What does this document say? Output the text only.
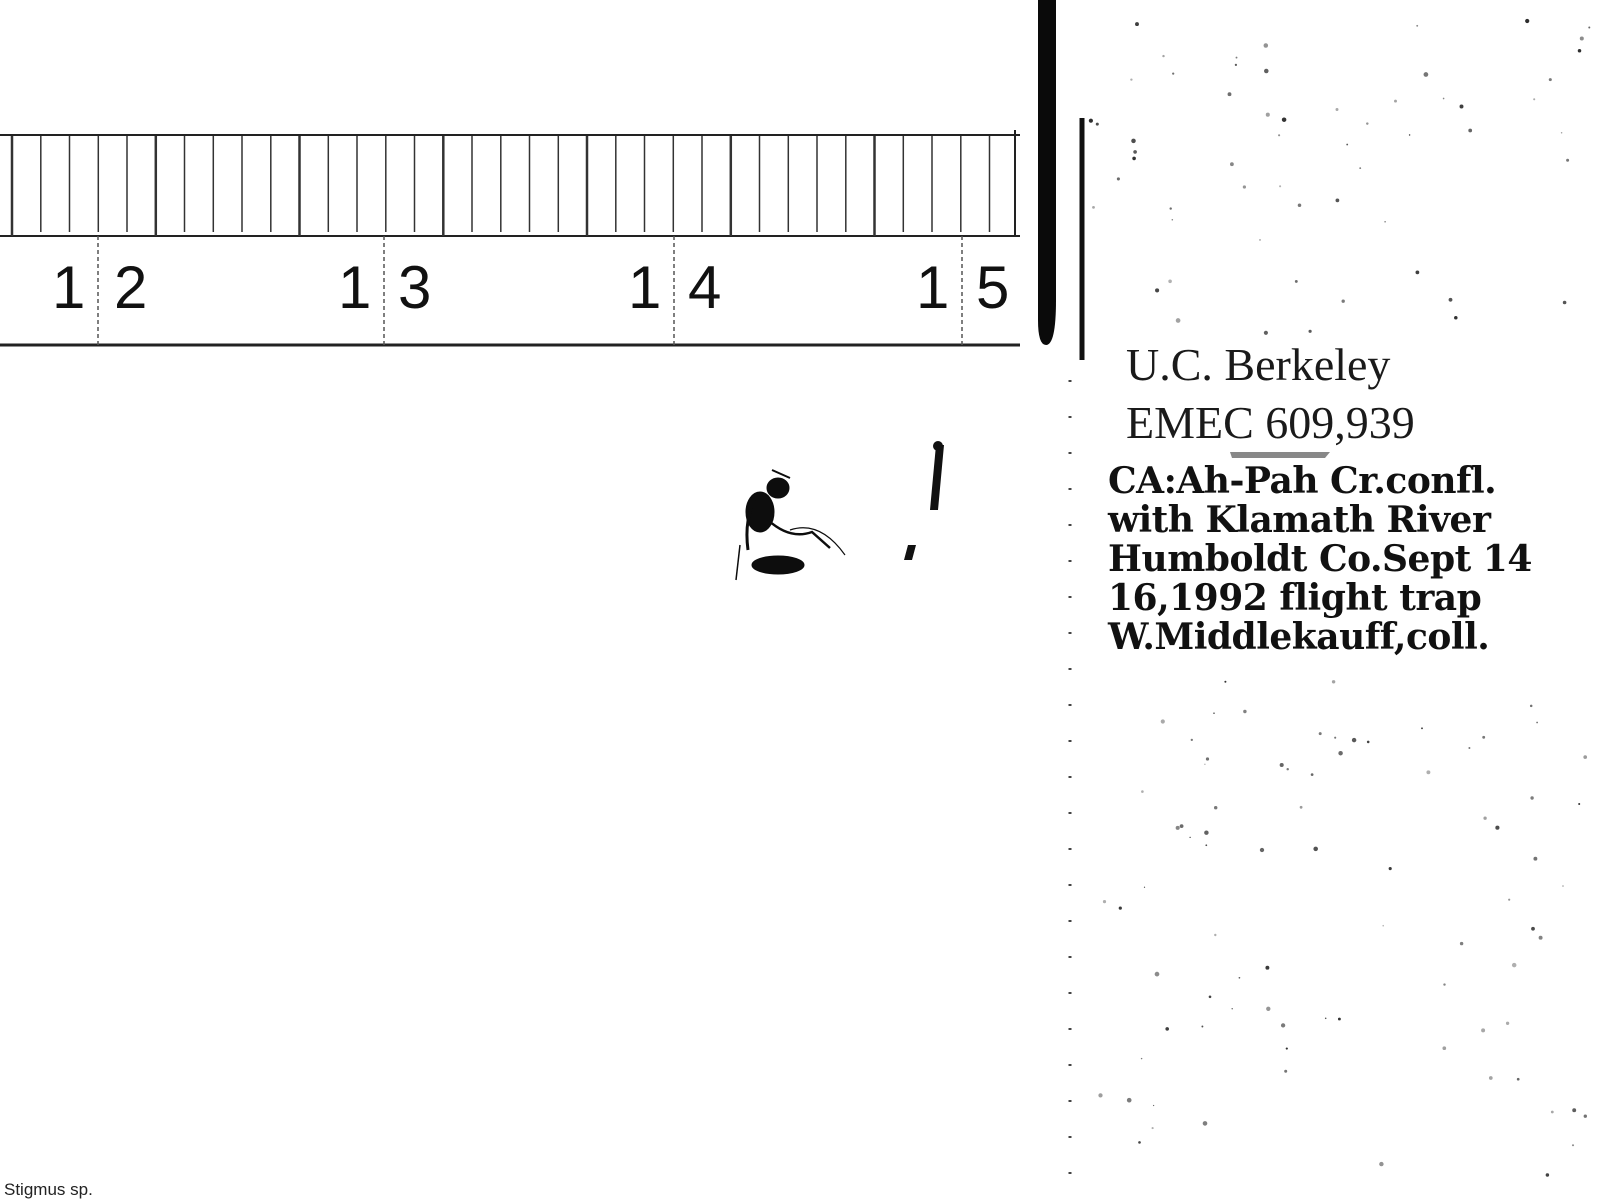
1 2	1 3	1 4	1 5
U.C. Berkeley
EMEC 609,939
CA:Ah-Pah Cr.confl.
with Klamath River
Humboldt Co.Sept 14
16,1992 flight trap
W.Middlekauff,coll.
Stigmus sp.
